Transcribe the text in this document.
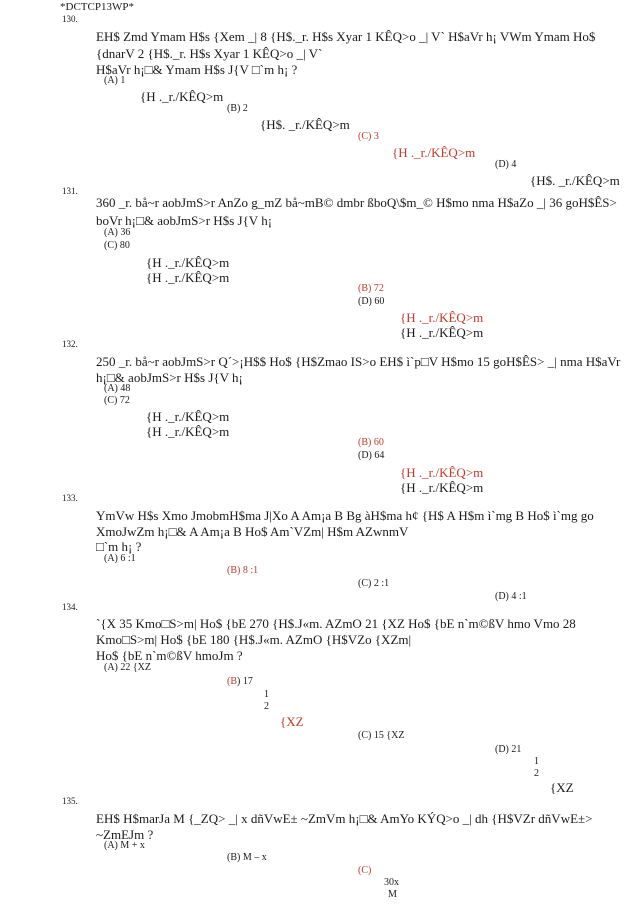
*DCTCP13WP*
130.
EH$ Zmd Ymam H$s {Xem _| 8 {H$._r. H$s Xyar 1 KÊQ>o _| V` H$aVr h¡ VWm Ymam Ho$
{dnarV 2 {H$._r. H$s Xyar 1 KÊQ>o _| V`
H$aVr h¡□& Ymam H$s J{V □`m h¡ ?
(A) 1
{H ._r./KÊQ>m
(B) 2
{H$. _r./KÊQ>m
(C) 3
{H ._r./KÊQ>m
(D) 4
{H$. _r./KÊQ>m
131.
360 _r. bå~r aobJmS>r AnZo g_mZ bå~mB© dmbr ßboQ\$m_© H$mo nma H$aZo _| 36 goH$ÊS>
boVr h¡□& aobJmS>r H$s J{V h¡
(A) 36
(C) 80
{H ._r./KÊQ>m
{H ._r./KÊQ>m
(B) 72
(D) 60
{H ._r./KÊQ>m
{H ._r./KÊQ>m
132.
250 _r. bå~r aobJmS>r Q´>¡H$$ Ho$ {H$Zmao IS>o EH$ ì`p□V H$mo 15 goH$ÊS> _| nma H$aVr
h¡□& aobJmS>r H$s J{V h¡
(A) 48
(C) 72
{H ._r./KÊQ>m
{H ._r./KÊQ>m
(B) 60
(D) 64
{H ._r./KÊQ>m
{H ._r./KÊQ>m
133.
YmVw H$s Xmo JmobmH$ma J|Xo A Am¡a B Bg àH$ma h¢ {H$ A H$m ì`mg B Ho$ ì`mg go
XmoJwZm h¡□& A Am¡a B Ho$ Am`VZm| H$m AZwnmV
□`m h¡ ?
(A) 6 :1
(B) 8 :1
(C) 2 :1
(D) 4 :1
134.
`{X 35 Kmo□S>m| Ho$ {bE 270 {H$.J«m. AZmO 21 {XZ Ho$ {bE n`m©ßV hmo Vmo 28
Kmo□S>m| Ho$ {bE 180 {H$.J«m. AZmO {H$VZo {XZm|
Ho$ {bE n`m©ßV hmoJm ?
(A) 22 {XZ
(B) 17
1
2
{XZ
(C) 15 {XZ
(D) 21
1
2
{XZ
135.
EH$ H$marJa M {_ZQ> _| x dñVwE± ~ZmVm h¡□& AmYo KÝQ>o _| dh {H$VZr dñVwE±>
~ZmEJm ?
(A) M + x
(B) M – x
(C)
30x
M
